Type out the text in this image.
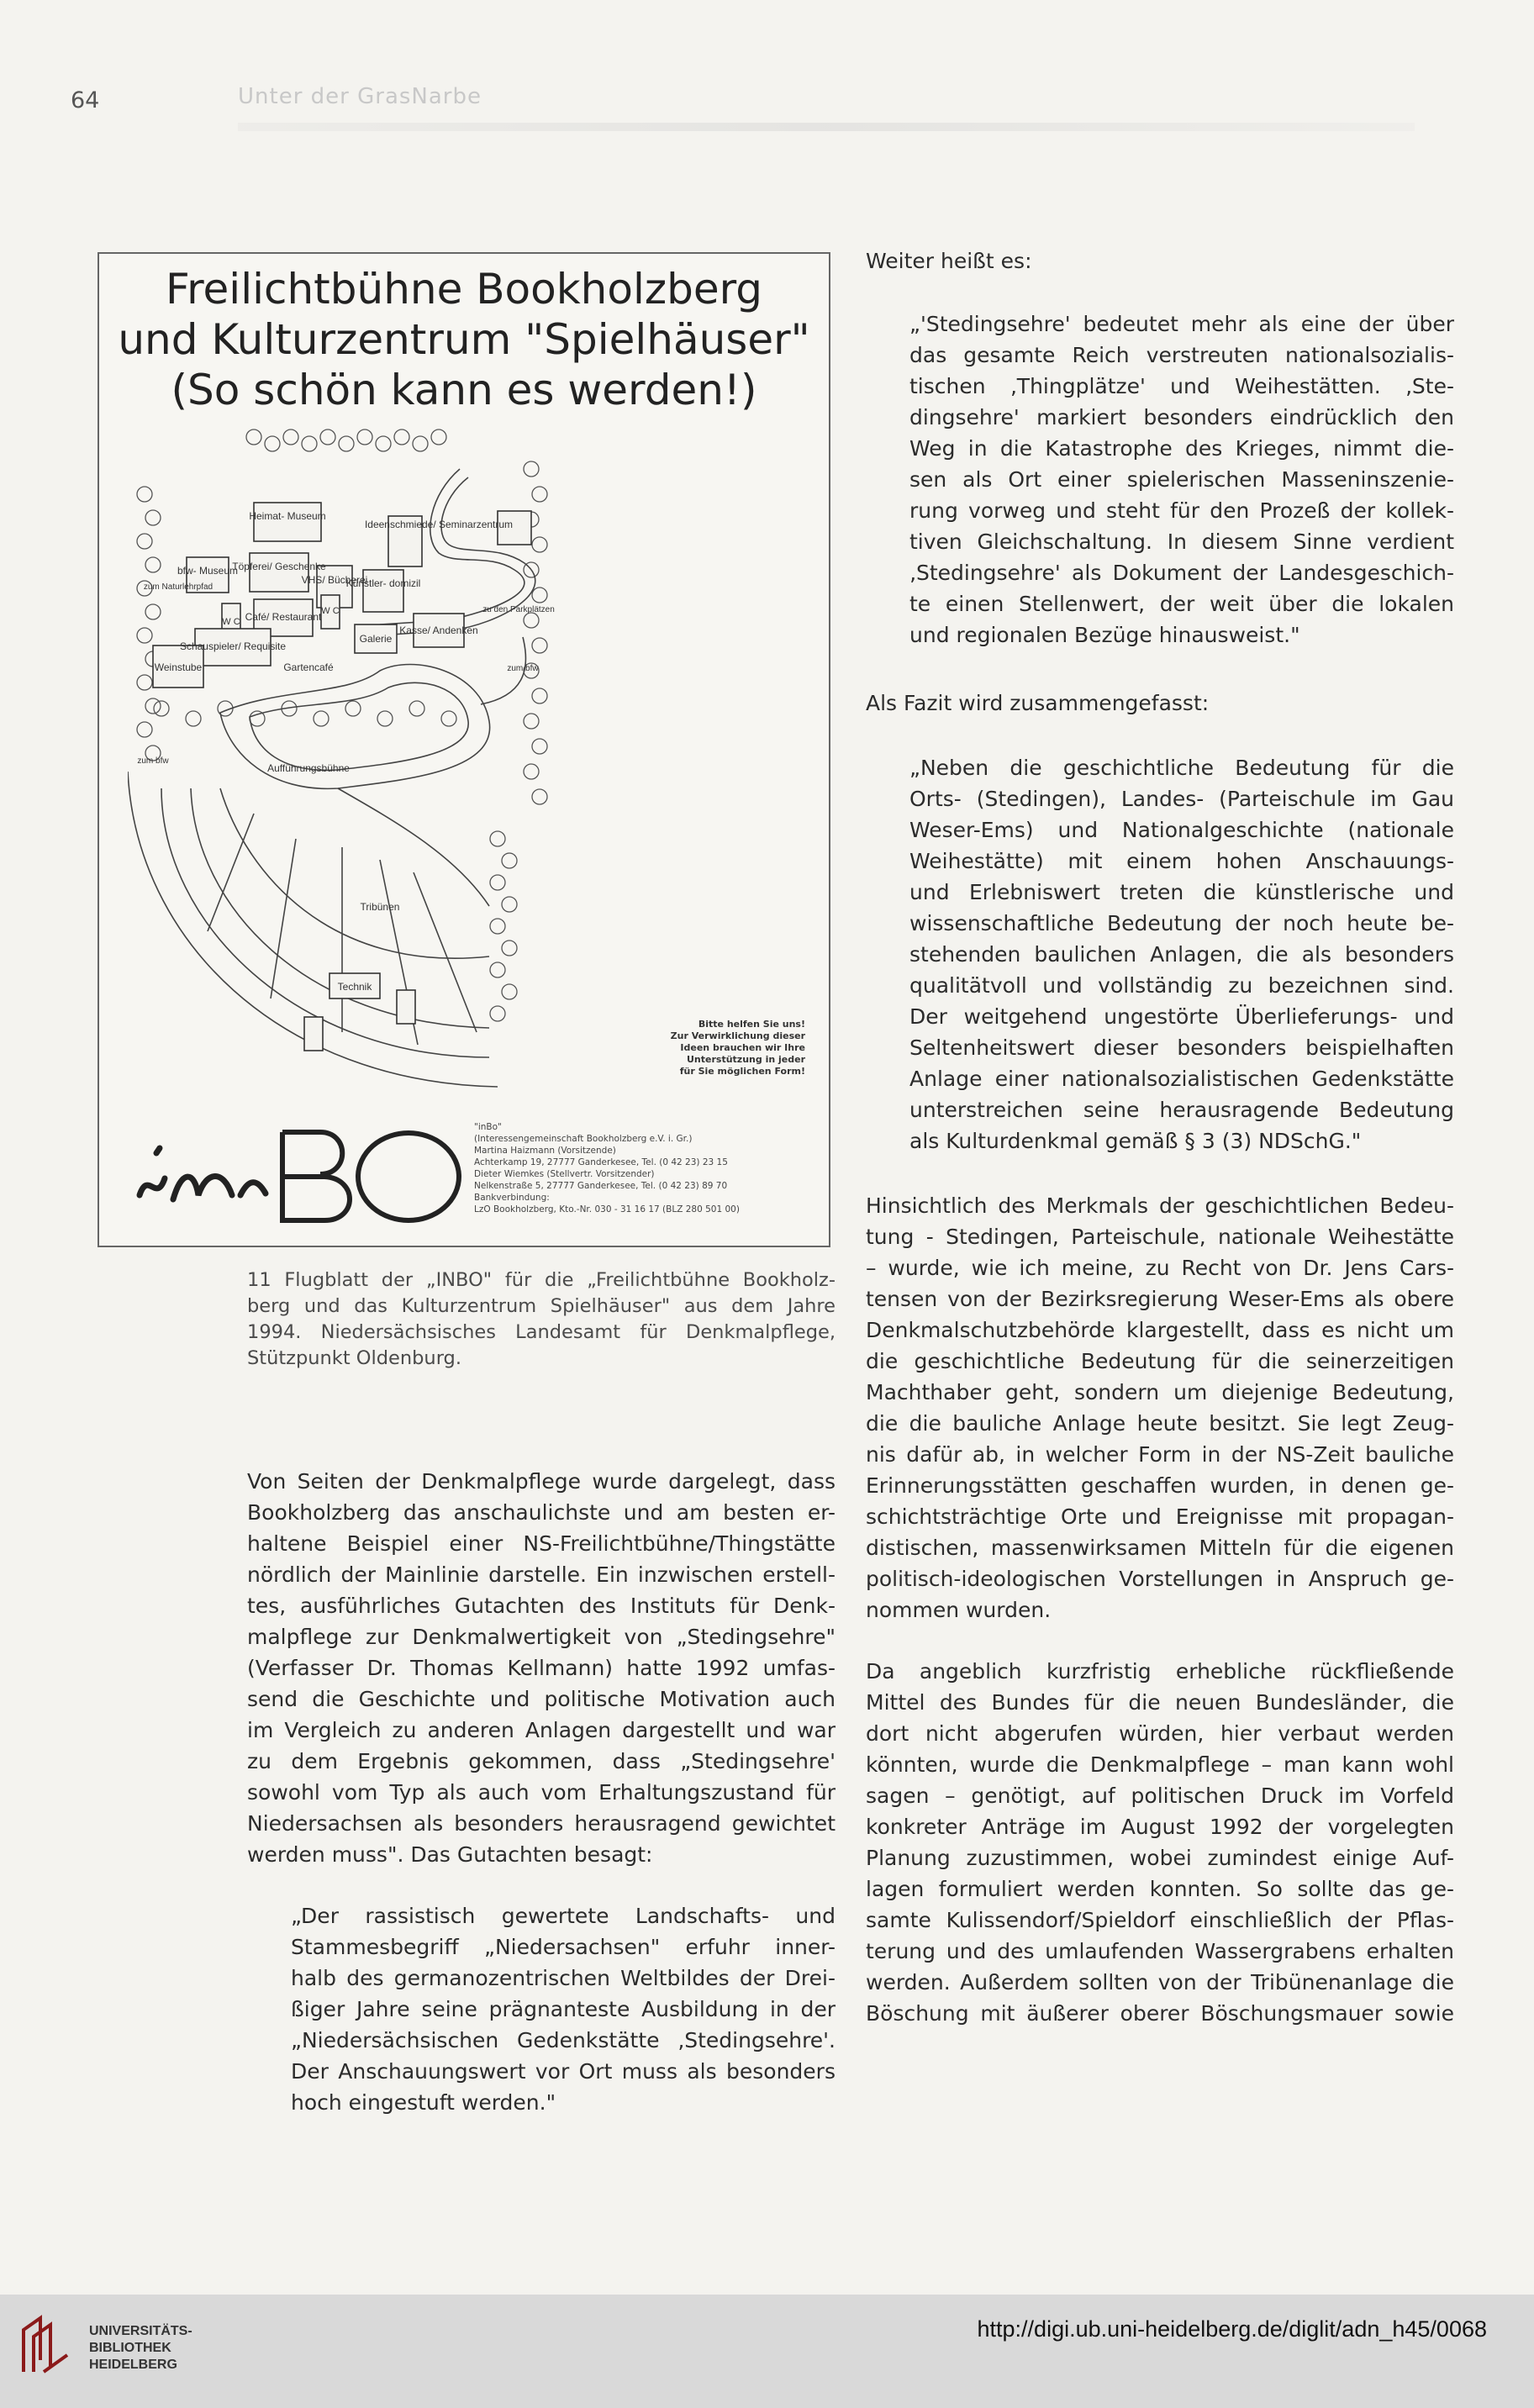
64	Unter der GrasNarbe
Freilichtbühne Bookholzberg
und Kulturzentrum "Spielhäuser"
(So schön kann es werden!)
Heimat- Museum
Ideenschmiede/ Seminarzentrum
bfw- Museum
Töpferei/ Geschenke
VHS/ Bücherei
Künstler- domizil
zum Naturlehrpfad
Café/ Restaurant W C
W C
zu den Parkplätzen
Kasse/ Andenken
Schauspieler/ Requisite
Galerie
Gartencafé	zum bfw
Weinstube
zum bfw
Aufführungsbühne
Tribünen
Technik
Bitte helfen Sie uns!
Zur Verwirklichung dieser
Ideen brauchen wir Ihre
Unterstützung in jeder
für Sie möglichen Form!
"inBo"
(Interessengemeinschaft Bookholzberg e.V. i. Gr.)
Martina Haizmann (Vorsitzende)
Achterkamp 19, 27777 Ganderkesee, Tel. (0 42 23) 23 15
Dieter Wiemkes (Stellvertr. Vorsitzender)
Nelkenstraße 5, 27777 Ganderkesee, Tel. (0 42 23) 89 70
Bankverbindung:
LzO Bookholzberg, Kto.-Nr. 030 - 31 16 17 (BLZ 280 501 00)
11 Flugblatt der „INBO" für die „Freilichtbühne Bookholz-
berg und das Kulturzentrum Spielhäuser" aus dem Jahre
1994. Niedersächsisches Landesamt für Denkmalpflege,
Stützpunkt Oldenburg.
Von Seiten der Denkmalpflege wurde dargelegt, dass
Bookholzberg das anschaulichste und am besten er-
haltene Beispiel einer NS-Freilichtbühne/Thingstätte
nördlich der Mainlinie darstelle. Ein inzwischen erstell-
tes, ausführliches Gutachten des Instituts für Denk-
malpflege zur Denkmalwertigkeit von „Stedingsehre"
(Verfasser Dr. Thomas Kellmann) hatte 1992 umfas-
send die Geschichte und politische Motivation auch
im Vergleich zu anderen Anlagen dargestellt und war
zu dem Ergebnis gekommen, dass „Stedingsehre'
sowohl vom Typ als auch vom Erhaltungszustand für
Niedersachsen als besonders herausragend gewichtet
werden muss". Das Gutachten besagt:
„Der rassistisch gewertete Landschafts- und
Stammesbegriff „Niedersachsen" erfuhr inner-
halb des germanozentrischen Weltbildes der Drei-
ßiger Jahre seine prägnanteste Ausbildung in der
„Niedersächsischen Gedenkstätte ‚Stedingsehre'.
Der Anschauungswert vor Ort muss als besonders
hoch eingestuft werden."
Weiter heißt es:
„'Stedingsehre' bedeutet mehr als eine der über
das gesamte Reich verstreuten nationalsozialis-
tischen ‚Thingplätze' und Weihestätten. ‚Ste-
dingsehre' markiert besonders eindrücklich den
Weg in die Katastrophe des Krieges, nimmt die-
sen als Ort einer spielerischen Masseninszenie-
rung vorweg und steht für den Prozeß der kollek-
tiven Gleichschaltung. In diesem Sinne verdient
‚Stedingsehre' als Dokument der Landesgeschich-
te einen Stellenwert, der weit über die lokalen
und regionalen Bezüge hinausweist."
Als Fazit wird zusammengefasst:
„Neben die geschichtliche Bedeutung für die
Orts- (Stedingen), Landes- (Parteischule im Gau
Weser-Ems) und Nationalgeschichte (nationale
Weihestätte) mit einem hohen Anschauungs-
und Erlebniswert treten die künstlerische und
wissenschaftliche Bedeutung der noch heute be-
stehenden baulichen Anlagen, die als besonders
qualitätvoll und vollständig zu bezeichnen sind.
Der weitgehend ungestörte Überlieferungs- und
Seltenheitswert dieser besonders beispielhaften
Anlage einer nationalsozialistischen Gedenkstätte
unterstreichen seine herausragende Bedeutung
als Kulturdenkmal gemäß § 3 (3) NDSchG."
Hinsichtlich des Merkmals der geschichtlichen Bedeu-
tung - Stedingen, Parteischule, nationale Weihestätte
– wurde, wie ich meine, zu Recht von Dr. Jens Cars-
tensen von der Bezirksregierung Weser-Ems als obere
Denkmalschutzbehörde klargestellt, dass es nicht um
die geschichtliche Bedeutung für die seinerzeitigen
Machthaber geht, sondern um diejenige Bedeutung,
die die bauliche Anlage heute besitzt. Sie legt Zeug-
nis dafür ab, in welcher Form in der NS-Zeit bauliche
Erinnerungsstätten geschaffen wurden, in denen ge-
schichtsträchtige Orte und Ereignisse mit propagan-
distischen, massenwirksamen Mitteln für die eigenen
politisch-ideologischen Vorstellungen in Anspruch ge-
nommen wurden.
Da angeblich kurzfristig erhebliche rückfließende
Mittel des Bundes für die neuen Bundesländer, die
dort nicht abgerufen würden, hier verbaut werden
könnten, wurde die Denkmalpflege – man kann wohl
sagen – genötigt, auf politischen Druck im Vorfeld
konkreter Anträge im August 1992 der vorgelegten
Planung zuzustimmen, wobei zumindest einige Auf-
lagen formuliert werden konnten. So sollte das ge-
samte Kulissendorf/Spieldorf einschließlich der Pflas-
terung und des umlaufenden Wassergrabens erhalten
werden. Außerdem sollten von der Tribünenanlage die
Böschung mit äußerer oberer Böschungsmauer sowie
UNIVERSITÄTS-
BIBLIOTHEK
HEIDELBERG
http://digi.ub.uni-heidelberg.de/diglit/adn_h45/0068
